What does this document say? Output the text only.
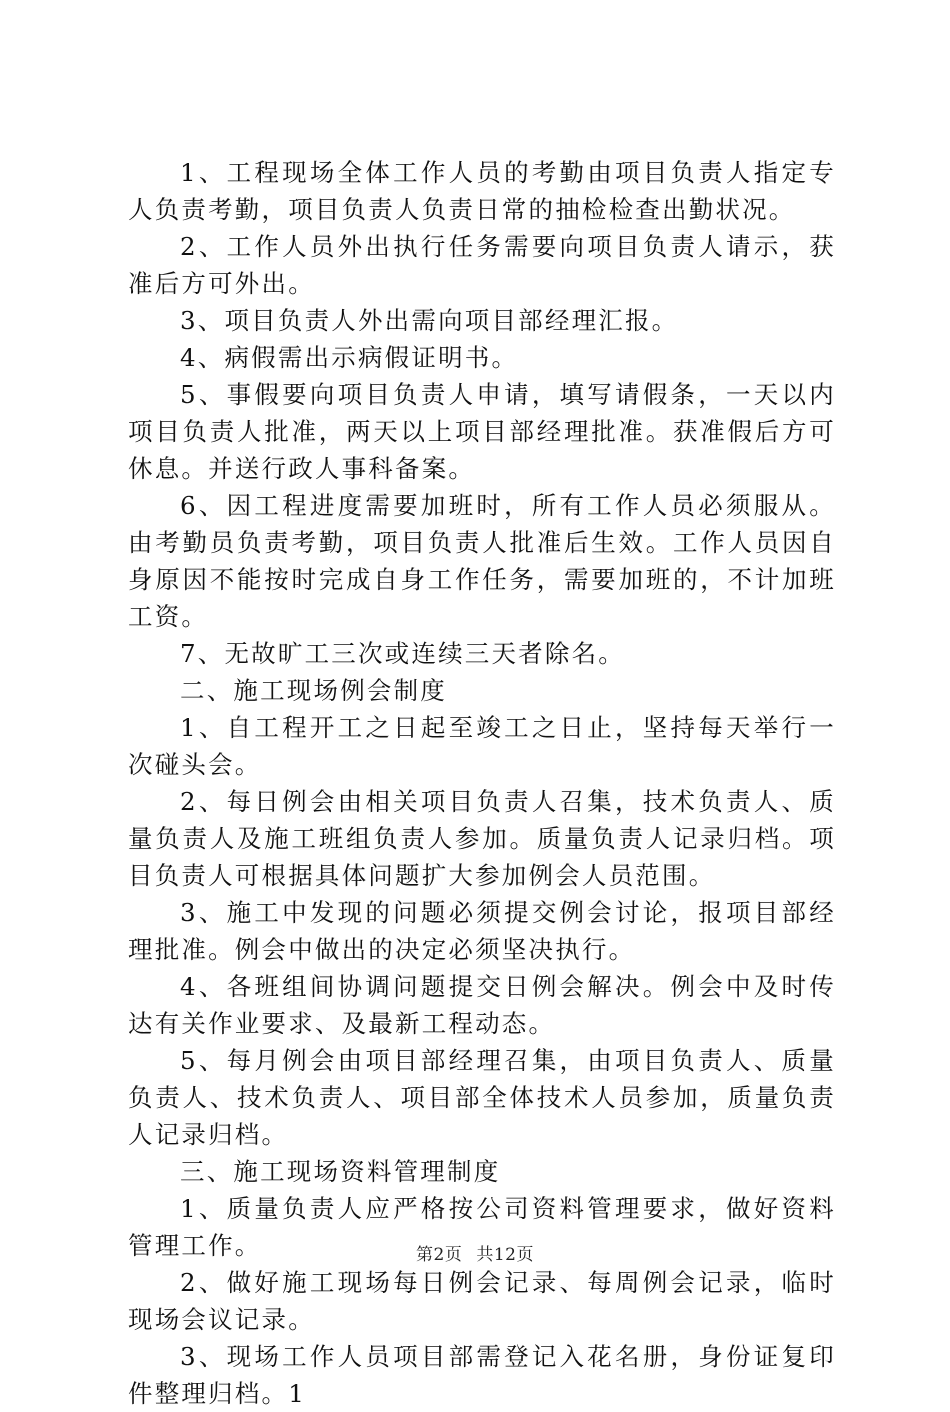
1、工程现场全体工作人员的考勤由项目负责人指定专人负责考勤，项目负责人负责日常的抽检检查出勤状况。

2、工作人员外出执行任务需要向项目负责人请示，获准后方可外出。

3、项目负责人外出需向项目部经理汇报。

4、病假需出示病假证明书。

5、事假要向项目负责人申请，填写请假条，一天以内项目负责人批准，两天以上项目部经理批准。获准假后方可休息。并送行政人事科备案。

6、因工程进度需要加班时，所有工作人员必须服从。由考勤员负责考勤，项目负责人批准后生效。工作人员因自身原因不能按时完成自身工作任务，需要加班的，不计加班工资。

7、无故旷工三次或连续三天者除名。

二、施工现场例会制度

1、自工程开工之日起至竣工之日止，坚持每天举行一次碰头会。

2、每日例会由相关项目负责人召集，技术负责人、质量负责人及施工班组负责人参加。质量负责人记录归档。项目负责人可根据具体问题扩大参加例会人员范围。

3、施工中发现的问题必须提交例会讨论，报项目部经理批准。例会中做出的决定必须坚决执行。

4、各班组间协调问题提交日例会解决。例会中及时传达有关作业要求、及最新工程动态。

5、每月例会由项目部经理召集，由项目负责人、质量负责人、技术负责人、项目部全体技术人员参加，质量负责人记录归档。

三、施工现场资料管理制度

1、质量负责人应严格按公司资料管理要求，做好资料管理工作。

2、做好施工现场每日例会记录、每周例会记录，临时现场会议记录。

3、现场工作人员项目部需登记入花名册，身份证复印件整理归档。1

第2页 共12页
